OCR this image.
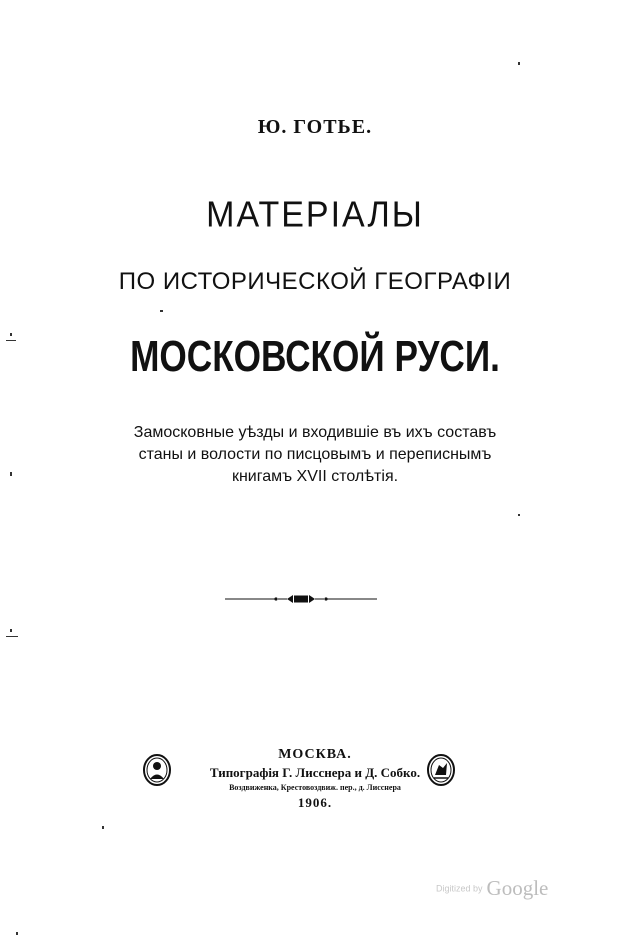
Ю. ГОТЬЕ.
МАТЕРІАЛЫ
ПО ИСТОРИЧЕСКОЙ ГЕОГРАФІИ
МОСКОВСКОЙ РУСИ.
Замосковные уѣзды и входившіе въ ихъ составъ
станы и волости по писцовымъ и переписнымъ
книгамъ XVII столѣтія.
МОСКВА.
Типографія Г. Лисснера и Д. Собко.
Воздвиженка, Крестовоздвиж. пер., д. Лисснера
1906.
Digitized by Google
